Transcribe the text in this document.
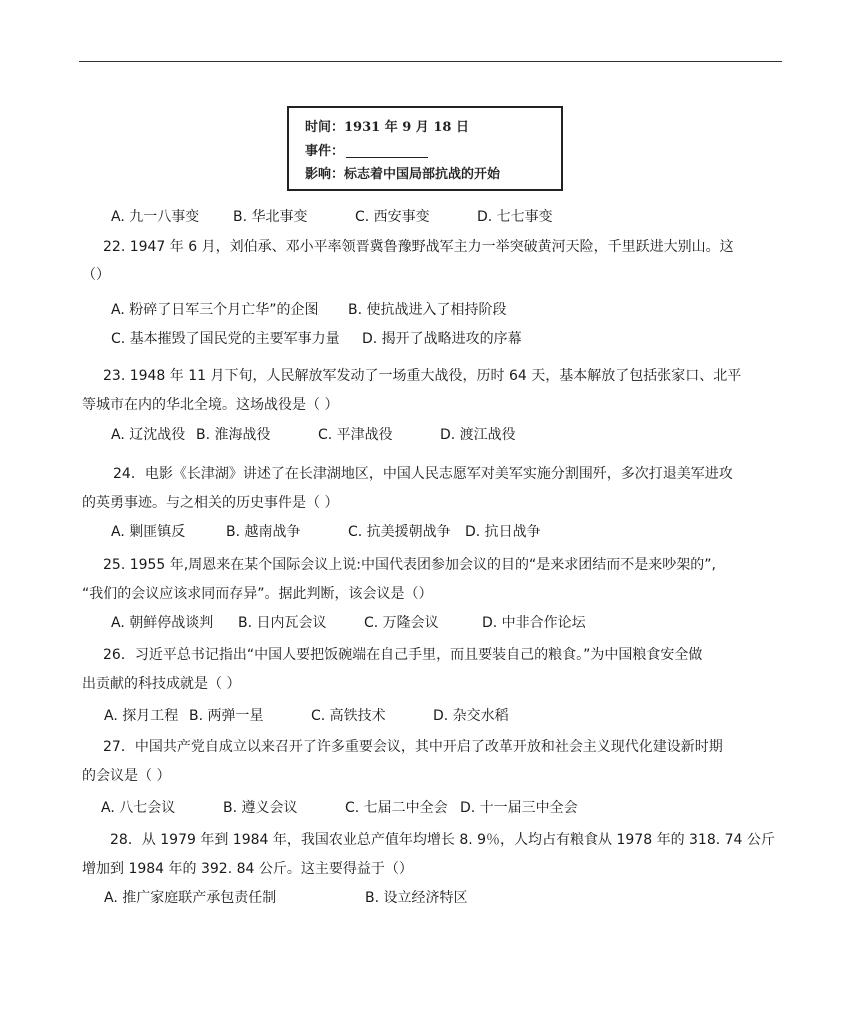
时间：1931 年 9 月 18 日
事件：
影响：标志着中国局部抗战的开始
A. 九一八事变 B. 华北事变	C. 西安事变	D. 七七事变
22. 1947 年 6 月，刘伯承、邓小平率领晋冀鲁豫野战军主力一举突破黄河天险，千里跃进大别山。这
（）
A. 粉碎了日军三个月亡华”的企图 B. 使抗战进入了相持阶段
C. 基本摧毁了国民党的主要军事力量 D. 揭开了战略进攻的序幕
23. 1948 年 11 月下旬，人民解放军发动了一场重大战役，历时 64 天，基本解放了包括张家口、北平
等城市在内的华北全境。这场战役是（ ）
A. 辽沈战役 B. 淮海战役	C. 平津战役	D. 渡江战役
24．电影《长津湖》讲述了在长津湖地区，中国人民志愿军对美军实施分割围歼，多次打退美军进攻
的英勇事迹。与之相关的历史事件是（ ）
A. 剿匪镇反	B. 越南战争	C. 抗美援朝战争 D. 抗日战争
25. 1955 年,周恩来在某个国际会议上说:中国代表团参加会议的目的“是来求团结而不是来吵架的”,
“我们的会议应该求同而存异”。据此判断，该会议是（）
A. 朝鲜停战谈判 B. 日内瓦会议	C. 万隆会议	D. 中非合作论坛
26．习近平总书记指出“中国人要把饭碗端在自己手里，而且要装自己的粮食。”为中国粮食安全做
出贡献的科技成就是（ ）
A. 探月工程 B. 两弹一星	C. 高铁技术	D. 杂交水稻
27．中国共产党自成立以来召开了许多重要会议，其中开启了改革开放和社会主义现代化建设新时期
的会议是（ ）
A. 八七会议	B. 遵义会议	C. 七届二中全会 D. 十一届三中全会
28．从 1979 年到 1984 年，我国农业总产值年均增长 8. 9％，人均占有粮食从 1978 年的 318. 74 公斤
增加到 1984 年的 392. 84 公斤。这主要得益于（）
A. 推广家庭联产承包责任制	B. 设立经济特区
